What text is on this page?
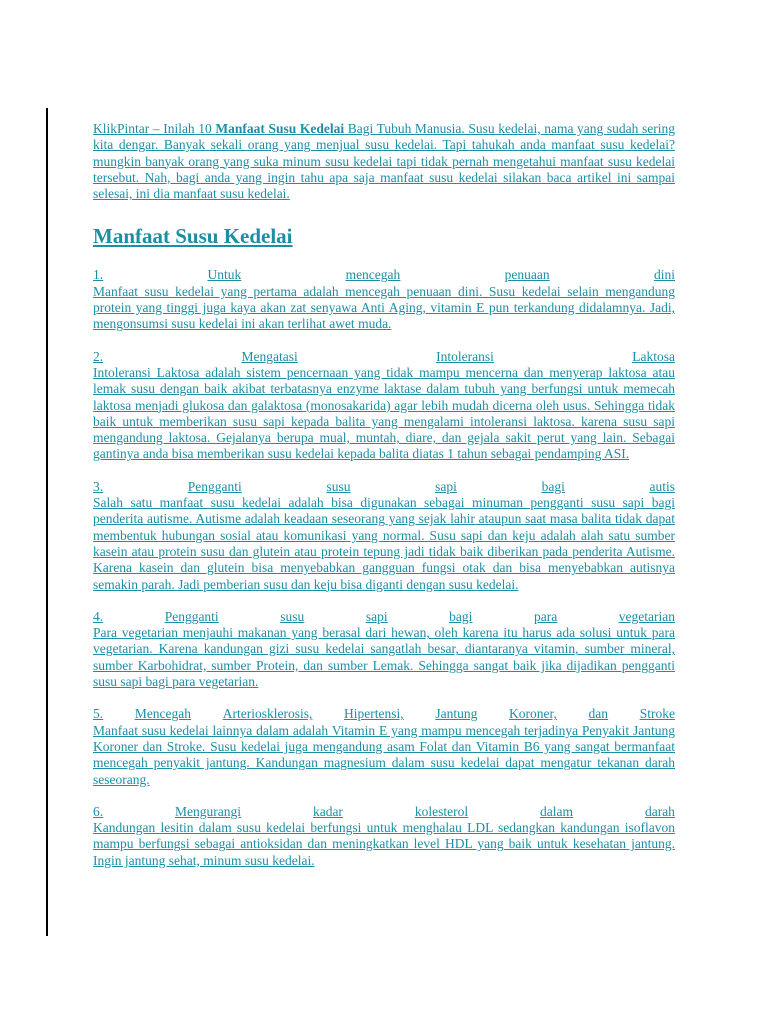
KlikPintar – Inilah 10 Manfaat Susu Kedelai Bagi Tubuh Manusia. Susu kedelai, nama yang sudah sering kita dengar. Banyak sekali orang yang menjual susu kedelai. Tapi tahukah anda manfaat susu kedelai? mungkin banyak orang yang suka minum susu kedelai tapi tidak pernah mengetahui manfaat susu kedelai tersebut. Nah, bagi anda yang ingin tahu apa saja manfaat susu kedelai silakan baca artikel ini sampai selesai, ini dia manfaat susu kedelai.

Manfaat Susu Kedelai
1.	Untuk	mencegah	penuaan	dini

Manfaat susu kedelai yang pertama adalah mencegah penuaan dini. Susu kedelai selain mengandung protein yang tinggi juga kaya akan zat senyawa Anti Aging, vitamin E pun terkandung didalamnya. Jadi, mengonsumsi susu kedelai ini akan terlihat awet muda.

2.	Mengatasi	Intoleransi	Laktosa

Intoleransi Laktosa adalah sistem pencernaan yang tidak mampu mencerna dan menyerap laktosa atau lemak susu dengan baik akibat terbatasnya enzyme laktase dalam tubuh yang berfungsi untuk memecah laktosa menjadi glukosa dan galaktosa (monosakarida) agar lebih mudah dicerna oleh usus. Sehingga tidak baik untuk memberikan susu sapi kepada balita yang mengalami intoleransi laktosa. karena susu sapi mengandung laktosa. Gejalanya berupa mual, muntah, diare, dan gejala sakit perut yang lain. Sebagai gantinya anda bisa memberikan susu kedelai kepada balita diatas 1 tahun sebagai pendamping ASI.

3.	Pengganti	susu	sapi	bagi	autis

Salah satu manfaat susu kedelai adalah bisa digunakan sebagai minuman pengganti susu sapi bagi penderita autisme. Autisme adalah keadaan seseorang yang sejak lahir ataupun saat masa balita tidak dapat membentuk hubungan sosial atau komunikasi yang normal. Susu sapi dan keju adalah alah satu sumber kasein atau protein susu dan glutein atau protein tepung jadi tidak baik diberikan pada penderita Autisme. Karena kasein dan glutein bisa menyebabkan gangguan fungsi otak dan bisa menyebabkan autisnya semakin parah. Jadi pemberian susu dan keju bisa diganti dengan susu kedelai.

4.	Pengganti	susu	sapi	bagi	para	vegetarian

Para vegetarian menjauhi makanan yang berasal dari hewan, oleh karena itu harus ada solusi untuk para vegetarian. Karena kandungan gizi susu kedelai sangatlah besar, diantaranya vitamin, sumber mineral, sumber Karbohidrat, sumber Protein, dan sumber Lemak. Sehingga sangat baik jika dijadikan pengganti susu sapi bagi para vegetarian.

5. Mencegah Arteriosklerosis, Hipertensi, Jantung Koroner, dan Stroke

Manfaat susu kedelai lainnya dalam adalah Vitamin E yang mampu mencegah terjadinya Penyakit Jantung Koroner dan Stroke. Susu kedelai juga mengandung asam Folat dan Vitamin B6 yang sangat bermanfaat mencegah penyakit jantung. Kandungan magnesium dalam susu kedelai dapat mengatur tekanan darah seseorang.

6.	Mengurangi	kadar	kolesterol	dalam	darah

Kandungan lesitin dalam susu kedelai berfungsi untuk menghalau LDL sedangkan kandungan isoflavon mampu berfungsi sebagai antioksidan dan meningkatkan level HDL yang baik untuk kesehatan jantung. Ingin jantung sehat, minum susu kedelai.
